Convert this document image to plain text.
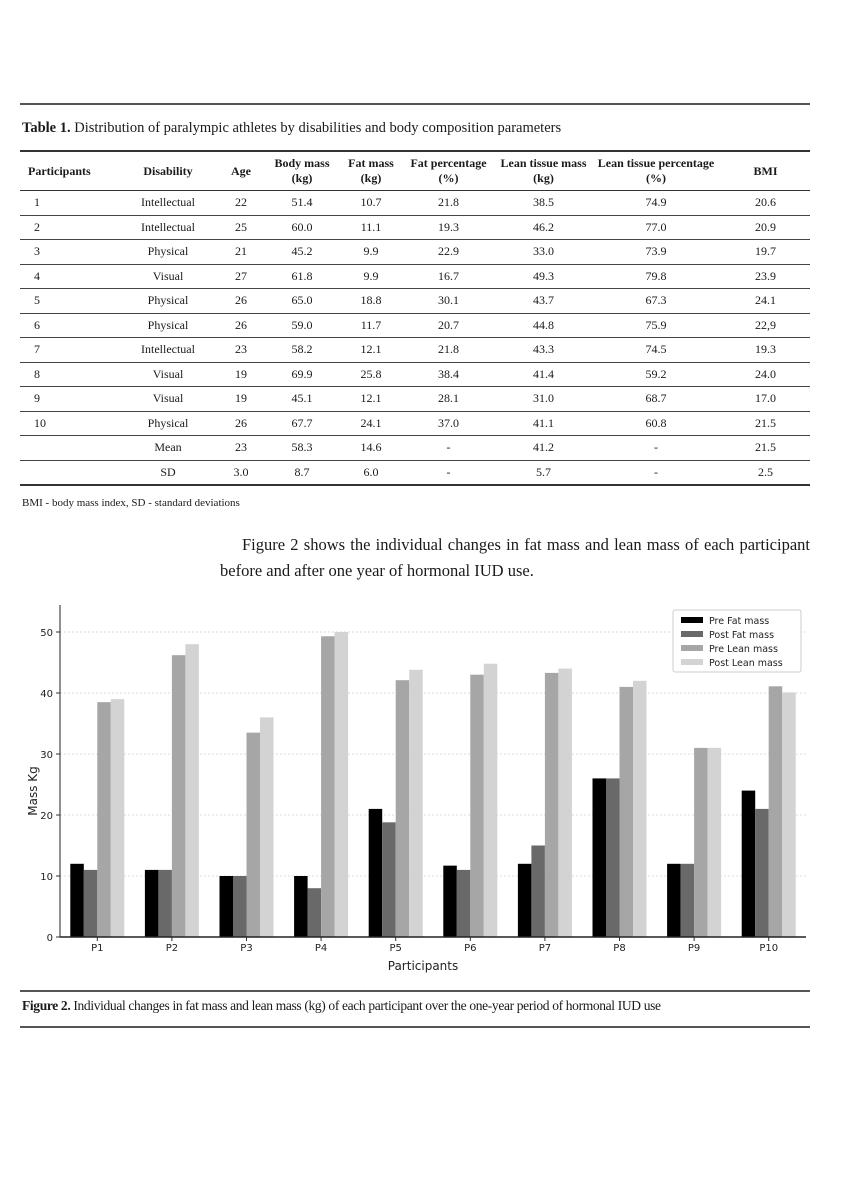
Table 1. Distribution of paralympic athletes by disabilities and body composition parameters
Participants	Disability	Age	Body mass (kg)	Fat mass (kg)	Fat percentage (%)	Lean tissue mass (kg)	Lean tissue percentage (%)	BMI
1	Intellectual	22	51.4	10.7	21.8	38.5	74.9	20.6
2	Intellectual	25	60.0	11.1	19.3	46.2	77.0	20.9
3	Physical	21	45.2	9.9	22.9	33.0	73.9	19.7
4	Visual	27	61.8	9.9	16.7	49.3	79.8	23.9
5	Physical	26	65.0	18.8	30.1	43.7	67.3	24.1
6	Physical	26	59.0	11.7	20.7	44.8	75.9	22,9
7	Intellectual	23	58.2	12.1	21.8	43.3	74.5	19.3
8	Visual	19	69.9	25.8	38.4	41.4	59.2	24.0
9	Visual	19	45.1	12.1	28.1	31.0	68.7	17.0
10	Physical	26	67.7	24.1	37.0	41.1	60.8	21.5
	Mean	23	58.3	14.6	-	41.2	-	21.5
	SD	3.0	8.7	6.0	-	5.7	-	2.5
BMI - body mass index, SD - standard deviations
Figure 2 shows the individual changes in fat mass and lean mass of each participant before and after one year of hormonal IUD use.
0
10
20
30
40
50
P1	P2	P3	P4	P5	P6	P7	P8	P9	P10
Participants
Mass Kg
Pre Fat mass
Post Fat mass
Pre Lean mass
Post Lean mass
Figure 2. Individual changes in fat mass and lean mass (kg) of each participant over the one-year period of hormonal IUD use
